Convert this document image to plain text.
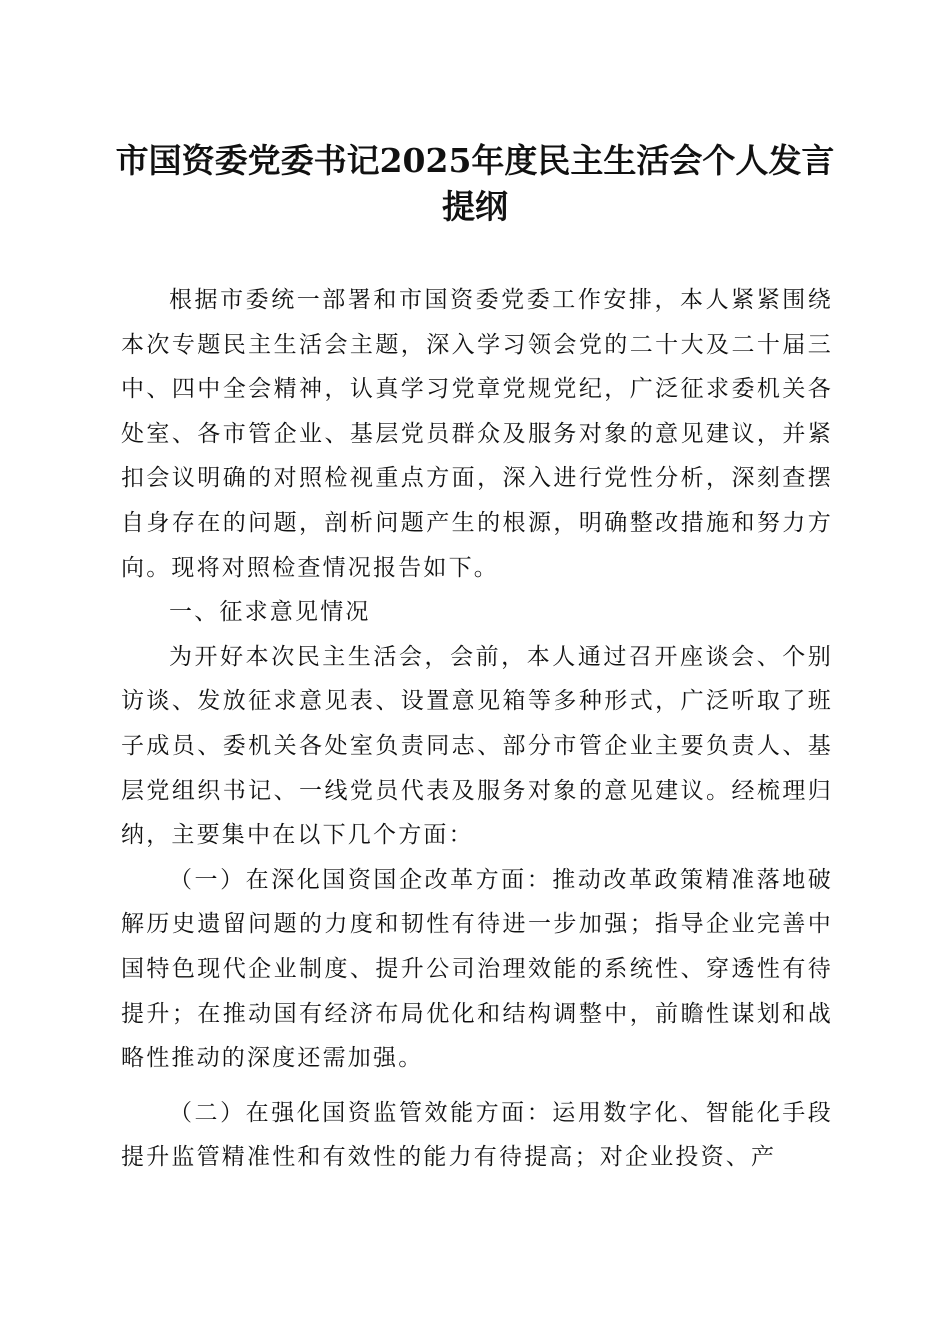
市国资委党委书记2025年度民主生活会个人发言提纲

根据市委统一部署和市国资委党委工作安排，本人紧紧围绕本次专题民主生活会主题，深入学习领会党的二十大及二十届三中、四中全会精神，认真学习党章党规党纪，广泛征求委机关各处室、各市管企业、基层党员群众及服务对象的意见建议，并紧扣会议明确的对照检视重点方面，深入进行党性分析，深刻查摆自身存在的问题，剖析问题产生的根源，明确整改措施和努力方向。现将对照检查情况报告如下。

一、征求意见情况

为开好本次民主生活会，会前，本人通过召开座谈会、个别访谈、发放征求意见表、设置意见箱等多种形式，广泛听取了班子成员、委机关各处室负责同志、部分市管企业主要负责人、基层党组织书记、一线党员代表及服务对象的意见建议。经梳理归纳，主要集中在以下几个方面：

（一）在深化国资国企改革方面：推动改革政策精准落地破解历史遗留问题的力度和韧性有待进一步加强；指导企业完善中国特色现代企业制度、提升公司治理效能的系统性、穿透性有待提升；在推动国有经济布局优化和结构调整中，前瞻性谋划和战略性推动的深度还需加强。

（二）在强化国资监管效能方面：运用数字化、智能化手段提升监管精准性和有效性的能力有待提高；对企业投资、产
